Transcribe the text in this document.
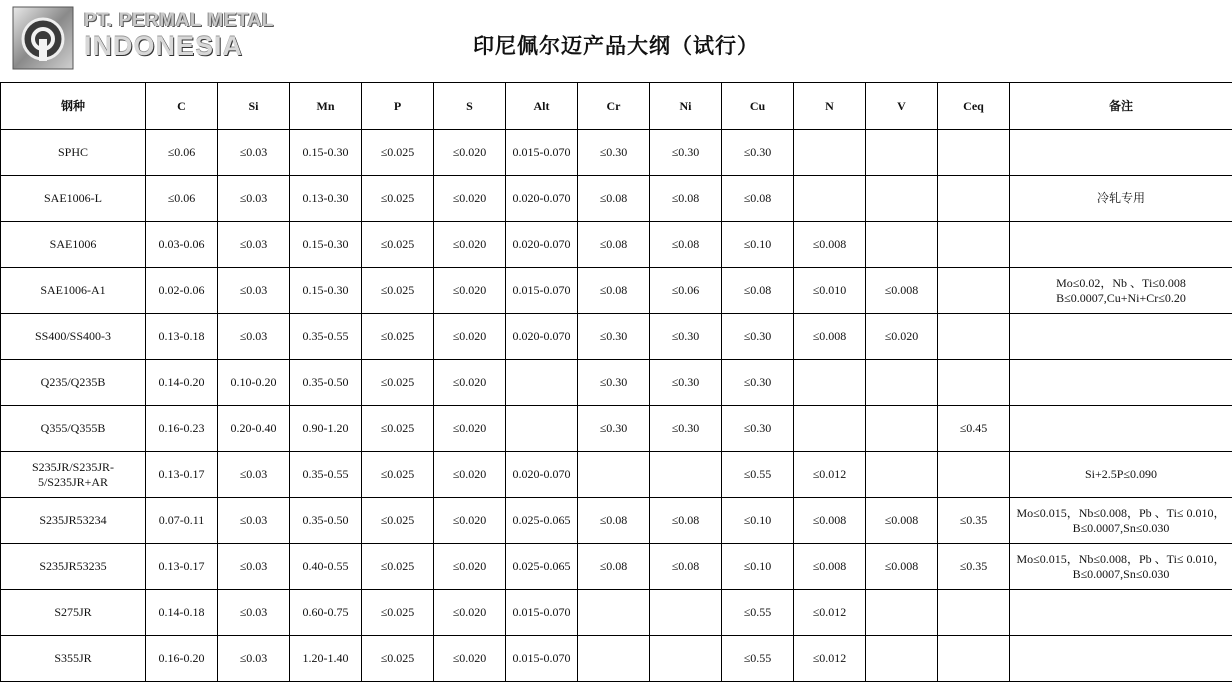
PT. PERMAL METAL
INDONESIA	印尼佩尔迈产品大纲（试行）
钢种	C	Si	Mn	P	S	Alt	Cr	Ni	Cu	N	V	Ceq	备注
SPHC	≤0.06	≤0.03	0.15-0.30	≤0.025	≤0.020	0.015-0.070	≤0.30	≤0.30	≤0.30				
SAE1006-L	≤0.06	≤0.03	0.13-0.30	≤0.025	≤0.020	0.020-0.070	≤0.08	≤0.08	≤0.08				冷轧专用
SAE1006	0.03-0.06	≤0.03	0.15-0.30	≤0.025	≤0.020	0.020-0.070	≤0.08	≤0.08	≤0.10	≤0.008			
SAE1006-A1	0.02-0.06	≤0.03	0.15-0.30	≤0.025	≤0.020	0.015-0.070	≤0.08	≤0.06	≤0.08	≤0.010	≤0.008		Mo≤0.02，Nb 、Ti≤0.008 B≤0.0007,Cu+Ni+Cr≤0.20
SS400/SS400-3	0.13-0.18	≤0.03	0.35-0.55	≤0.025	≤0.020	0.020-0.070	≤0.30	≤0.30	≤0.30	≤0.008	≤0.020		
Q235/Q235B	0.14-0.20	0.10-0.20	0.35-0.50	≤0.025	≤0.020		≤0.30	≤0.30	≤0.30				
Q355/Q355B	0.16-0.23	0.20-0.40	0.90-1.20	≤0.025	≤0.020		≤0.30	≤0.30	≤0.30			≤0.45	
S235JR/S235JR-5/S235JR+AR	0.13-0.17	≤0.03	0.35-0.55	≤0.025	≤0.020	0.020-0.070			≤0.55	≤0.012			Si+2.5P≤0.090
S235JR53234	0.07-0.11	≤0.03	0.35-0.50	≤0.025	≤0.020	0.025-0.065	≤0.08	≤0.08	≤0.10	≤0.008	≤0.008	≤0.35	Mo≤0.015，Nb≤0.008，Pb 、Ti≤ 0.010，B≤0.0007,Sn≤0.030
S235JR53235	0.13-0.17	≤0.03	0.40-0.55	≤0.025	≤0.020	0.025-0.065	≤0.08	≤0.08	≤0.10	≤0.008	≤0.008	≤0.35	Mo≤0.015，Nb≤0.008，Pb 、Ti≤ 0.010，B≤0.0007,Sn≤0.030
S275JR	0.14-0.18	≤0.03	0.60-0.75	≤0.025	≤0.020	0.015-0.070			≤0.55	≤0.012			
S355JR	0.16-0.20	≤0.03	1.20-1.40	≤0.025	≤0.020	0.015-0.070			≤0.55	≤0.012			
